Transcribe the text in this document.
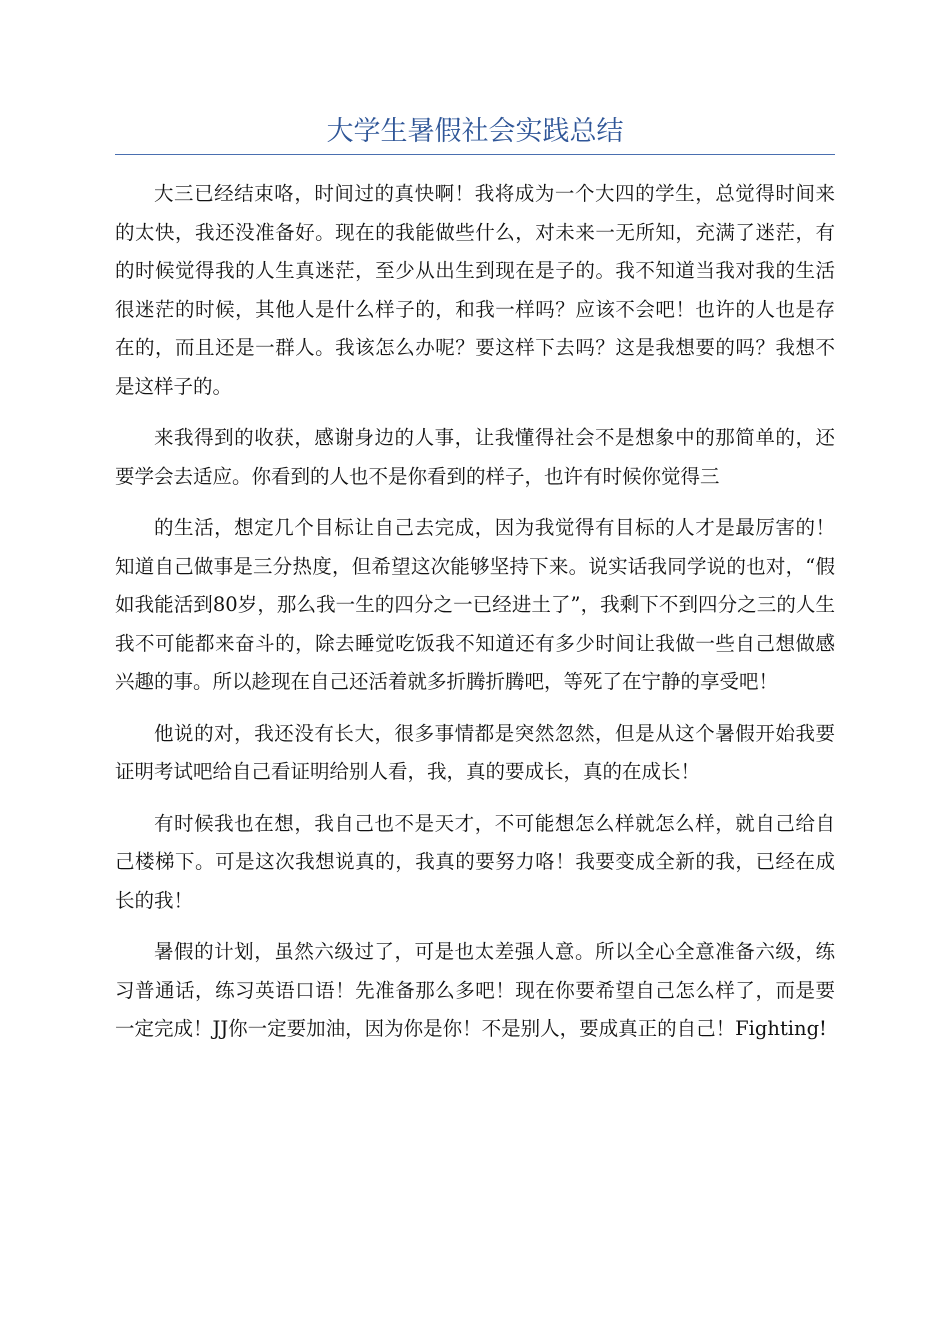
大学生暑假社会实践总结

大三已经结束咯，时间过的真快啊！我将成为一个大四的学生，总觉得时间来的太快，我还没准备好。现在的我能做些什么，对未来一无所知，充满了迷茫，有的时候觉得我的人生真迷茫，至少从出生到现在是子的。我不知道当我对我的生活很迷茫的时候，其他人是什么样子的，和我一样吗？应该不会吧！也许的人也是存在的，而且还是一群人。我该怎么办呢？要这样下去吗？这是我想要的吗？我想不是这样子的。

来我得到的收获，感谢身边的人事，让我懂得社会不是想象中的那简单的，还要学会去适应。你看到的人也不是你看到的样子，也许有时候你觉得三

的生活，想定几个目标让自己去完成，因为我觉得有目标的人才是最厉害的！知道自己做事是三分热度，但希望这次能够坚持下来。说实话我同学说的也对，“假如我能活到80岁，那么我一生的四分之一已经进土了”，我剩下不到四分之三的人生我不可能都来奋斗的，除去睡觉吃饭我不知道还有多少时间让我做一些自己想做感兴趣的事。所以趁现在自己还活着就多折腾折腾吧，等死了在宁静的享受吧！

他说的对，我还没有长大，很多事情都是突然忽然，但是从这个暑假开始我要证明考试吧给自己看证明给别人看，我，真的要成长，真的在成长！

有时候我也在想，我自己也不是天才，不可能想怎么样就怎么样，就自己给自己楼梯下。可是这次我想说真的，我真的要努力咯！我要变成全新的我，已经在成长的我！

暑假的计划，虽然六级过了，可是也太差强人意。所以全心全意准备六级，练习普通话，练习英语口语！先准备那么多吧！现在你要希望自己怎么样了，而是要一定完成！JJ你一定要加油，因为你是你！不是别人，要成真正的自己！Fighting!
